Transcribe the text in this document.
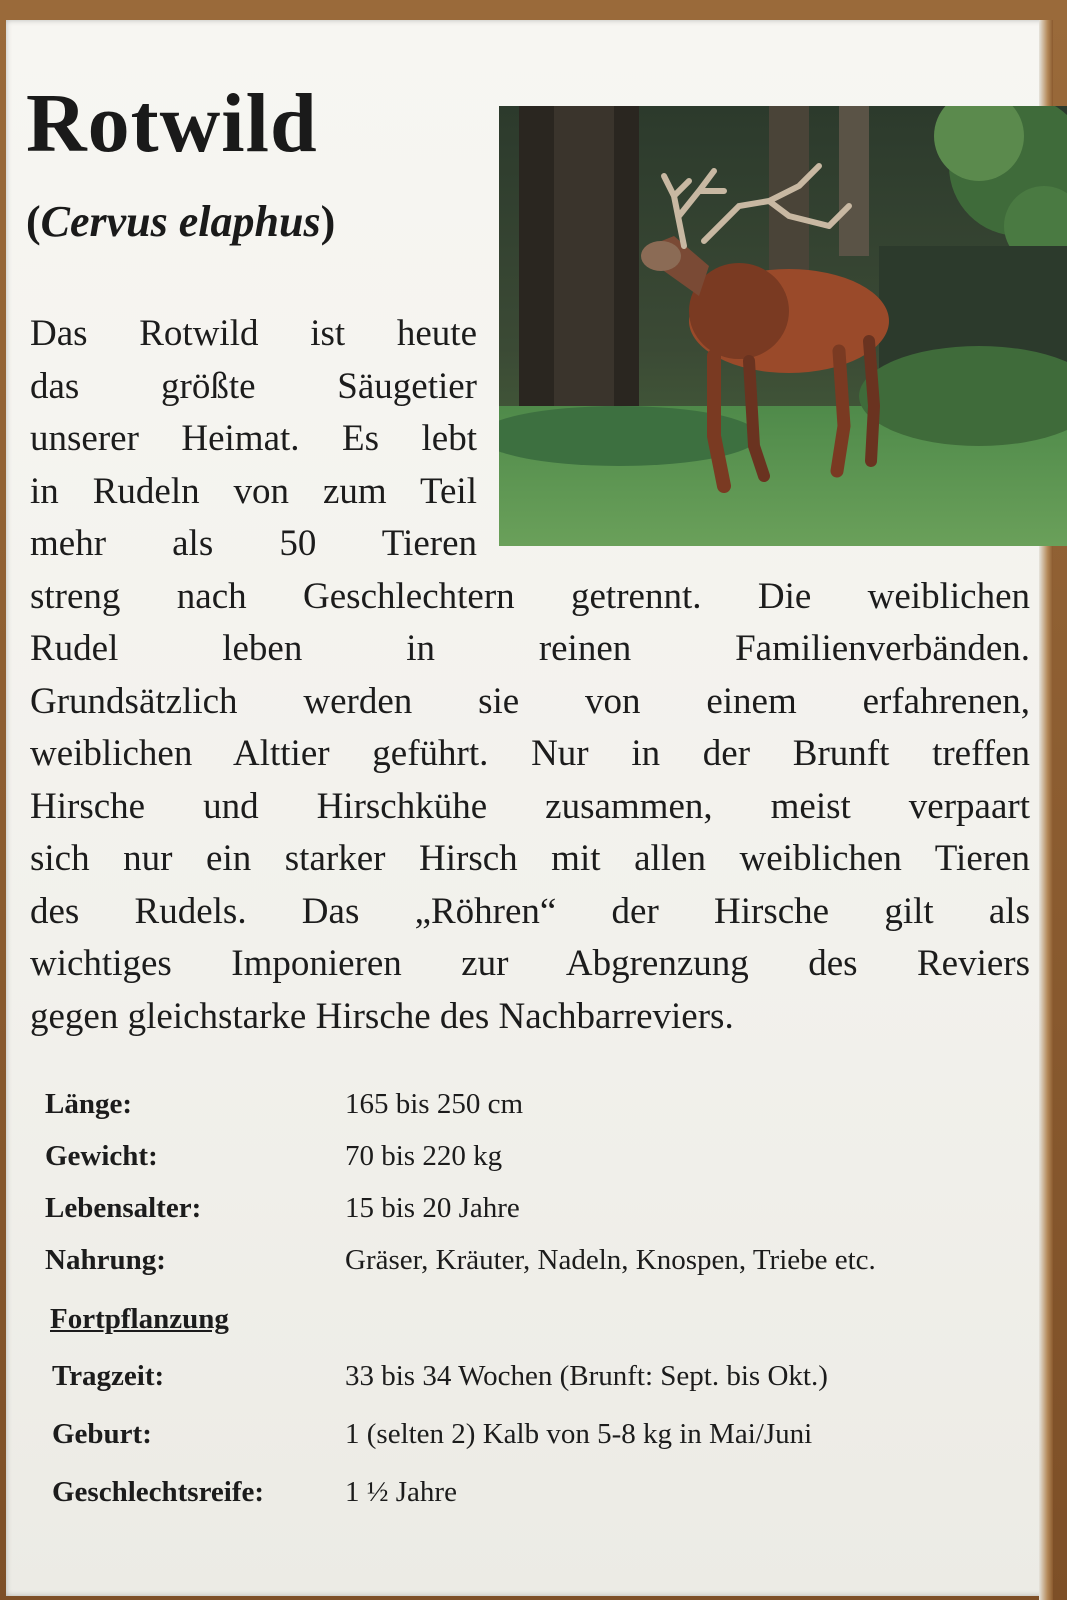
Rotwild

(Cervus elaphus)

Das Rotwild ist heute
das größte Säugetier
unserer Heimat. Es lebt
in Rudeln von zum Teil
mehr als 50 Tieren
streng nach Geschlechtern getrennt. Die weiblichen
Rudel leben in reinen Familienverbänden.
Grundsätzlich werden sie von einem erfahrenen,
weiblichen Alttier geführt. Nur in der Brunft treffen
Hirsche und Hirschkühe zusammen, meist verpaart
sich nur ein starker Hirsch mit allen weiblichen Tieren
des Rudels. Das „Röhren“ der Hirsche gilt als
wichtiges Imponieren zur Abgrenzung des Reviers
gegen gleichstarke Hirsche des Nachbarreviers.
Länge:	165 bis 250 cm
Gewicht:	70 bis 220 kg
Lebensalter:	15 bis 20 Jahre
Nahrung:	Gräser, Kräuter, Nadeln, Knospen, Triebe etc.
Fortpflanzung
Tragzeit:	33 bis 34 Wochen (Brunft: Sept. bis Okt.)
Geburt:	1 (selten 2) Kalb von 5-8 kg in Mai/Juni
Geschlechtsreife:	1 ½ Jahre
